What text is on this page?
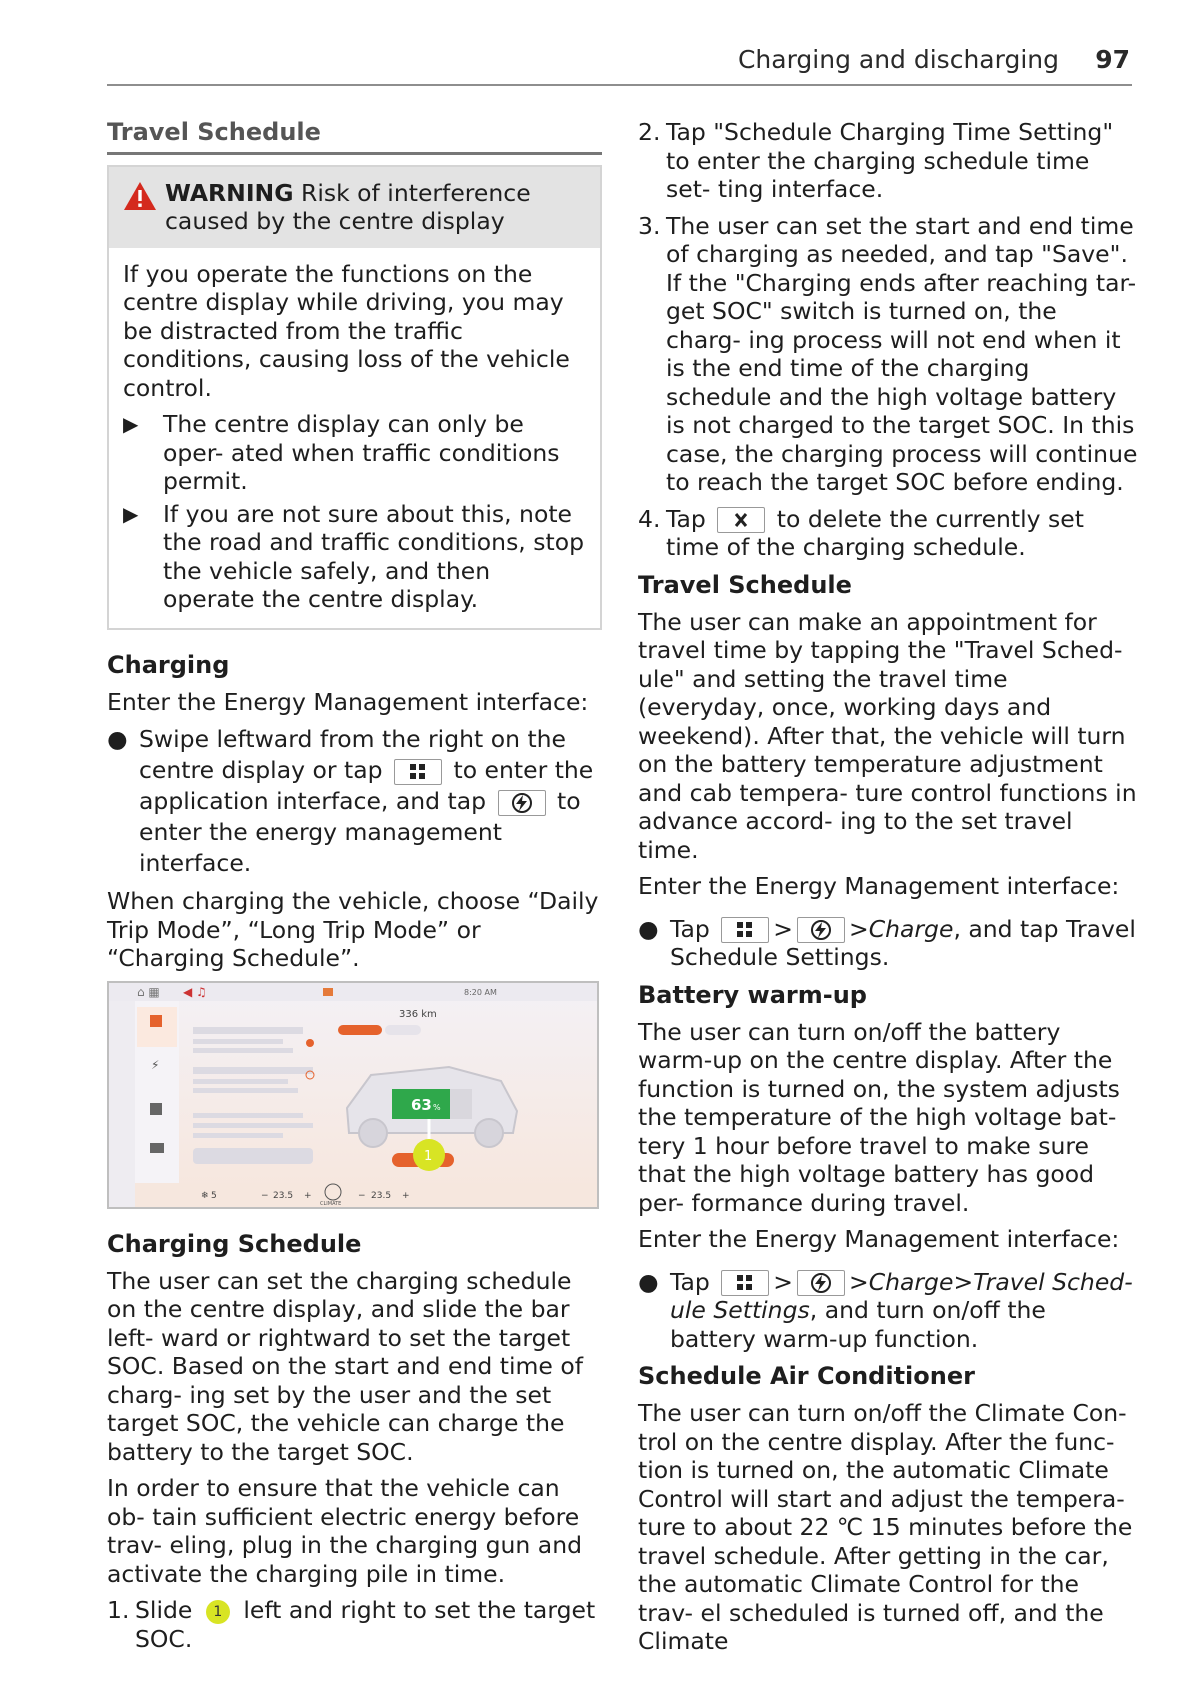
Charging and discharging 97
Travel Schedule
WARNING Risk of interference caused by the centre display

If you operate the functions on the centre display while driving, you may be distracted from the traffic conditions, causing loss of the vehicle control.

▶	The centre display can only be oper- ated when traffic conditions permit.
▶	If you are not sure about this, note the road and traffic conditions, stop the vehicle safely, and then operate the centre display.
Charging

Enter the Energy Management interface:

● Swipe leftward from the right on the centre display or tap	to enter the application interface, and tap	to enter the energy management interface.

When charging the vehicle, choose “Daily Trip Mode”, “Long Trip Mode” or “Charging Schedule”.

⌂ ▦ ◀ ♫	8:20 AM
⚡
336 km
63 %
1
❄ 5	− 23.5 +
CLIMATE
− 23.5 +
Charging Schedule

The user can set the charging schedule on the centre display, and slide the bar left- ward or rightward to set the target SOC. Based on the start and end time of charg- ing set by the user and the set target SOC, the vehicle can charge the battery to the target SOC.

In order to ensure that the vehicle can ob- tain sufficient electric energy before trav- eling, plug in the charging gun and activate the charging pile in time.

1. Slide 1 left and right to set the target SOC.
2. Tap "Schedule Charging Time Setting" to enter the charging schedule time set- ting interface.
3. The user can set the start and end time of charging as needed, and tap "Save". If the "Charging ends after reaching tar- get SOC" switch is turned on, the charg- ing process will not end when it is the end time of the charging schedule and the high voltage battery is not charged to the target SOC. In this case, the charging process will continue to reach the target SOC before ending.
4. Tap	to delete the currently set time of the charging schedule.
Travel Schedule

The user can make an appointment for travel time by tapping the "Travel Sched- ule" and setting the travel time (everyday, once, working days and weekend). After that, the vehicle will turn on the battery temperature adjustment and cab tempera- ture control functions in advance accord- ing to the set travel time.

Enter the Energy Management interface:

● Tap	> >Charge, and tap Travel Schedule Settings.
Battery warm-up

The user can turn on/off the battery warm-up on the centre display. After the function is turned on, the system adjusts the temperature of the high voltage bat- tery 1 hour before travel to make sure that the high voltage battery has good per- formance during travel.

Enter the Energy Management interface:

● Tap	> >Charge>Travel Sched- ule Settings, and turn on/off the battery warm-up function.
Schedule Air Conditioner

The user can turn on/off the Climate Con- trol on the centre display. After the func- tion is turned on, the automatic Climate Control will start and adjust the tempera- ture to about 22 ℃ 15 minutes before the travel schedule. After getting in the car, the automatic Climate Control for the trav- el scheduled is turned off, and the Climate
